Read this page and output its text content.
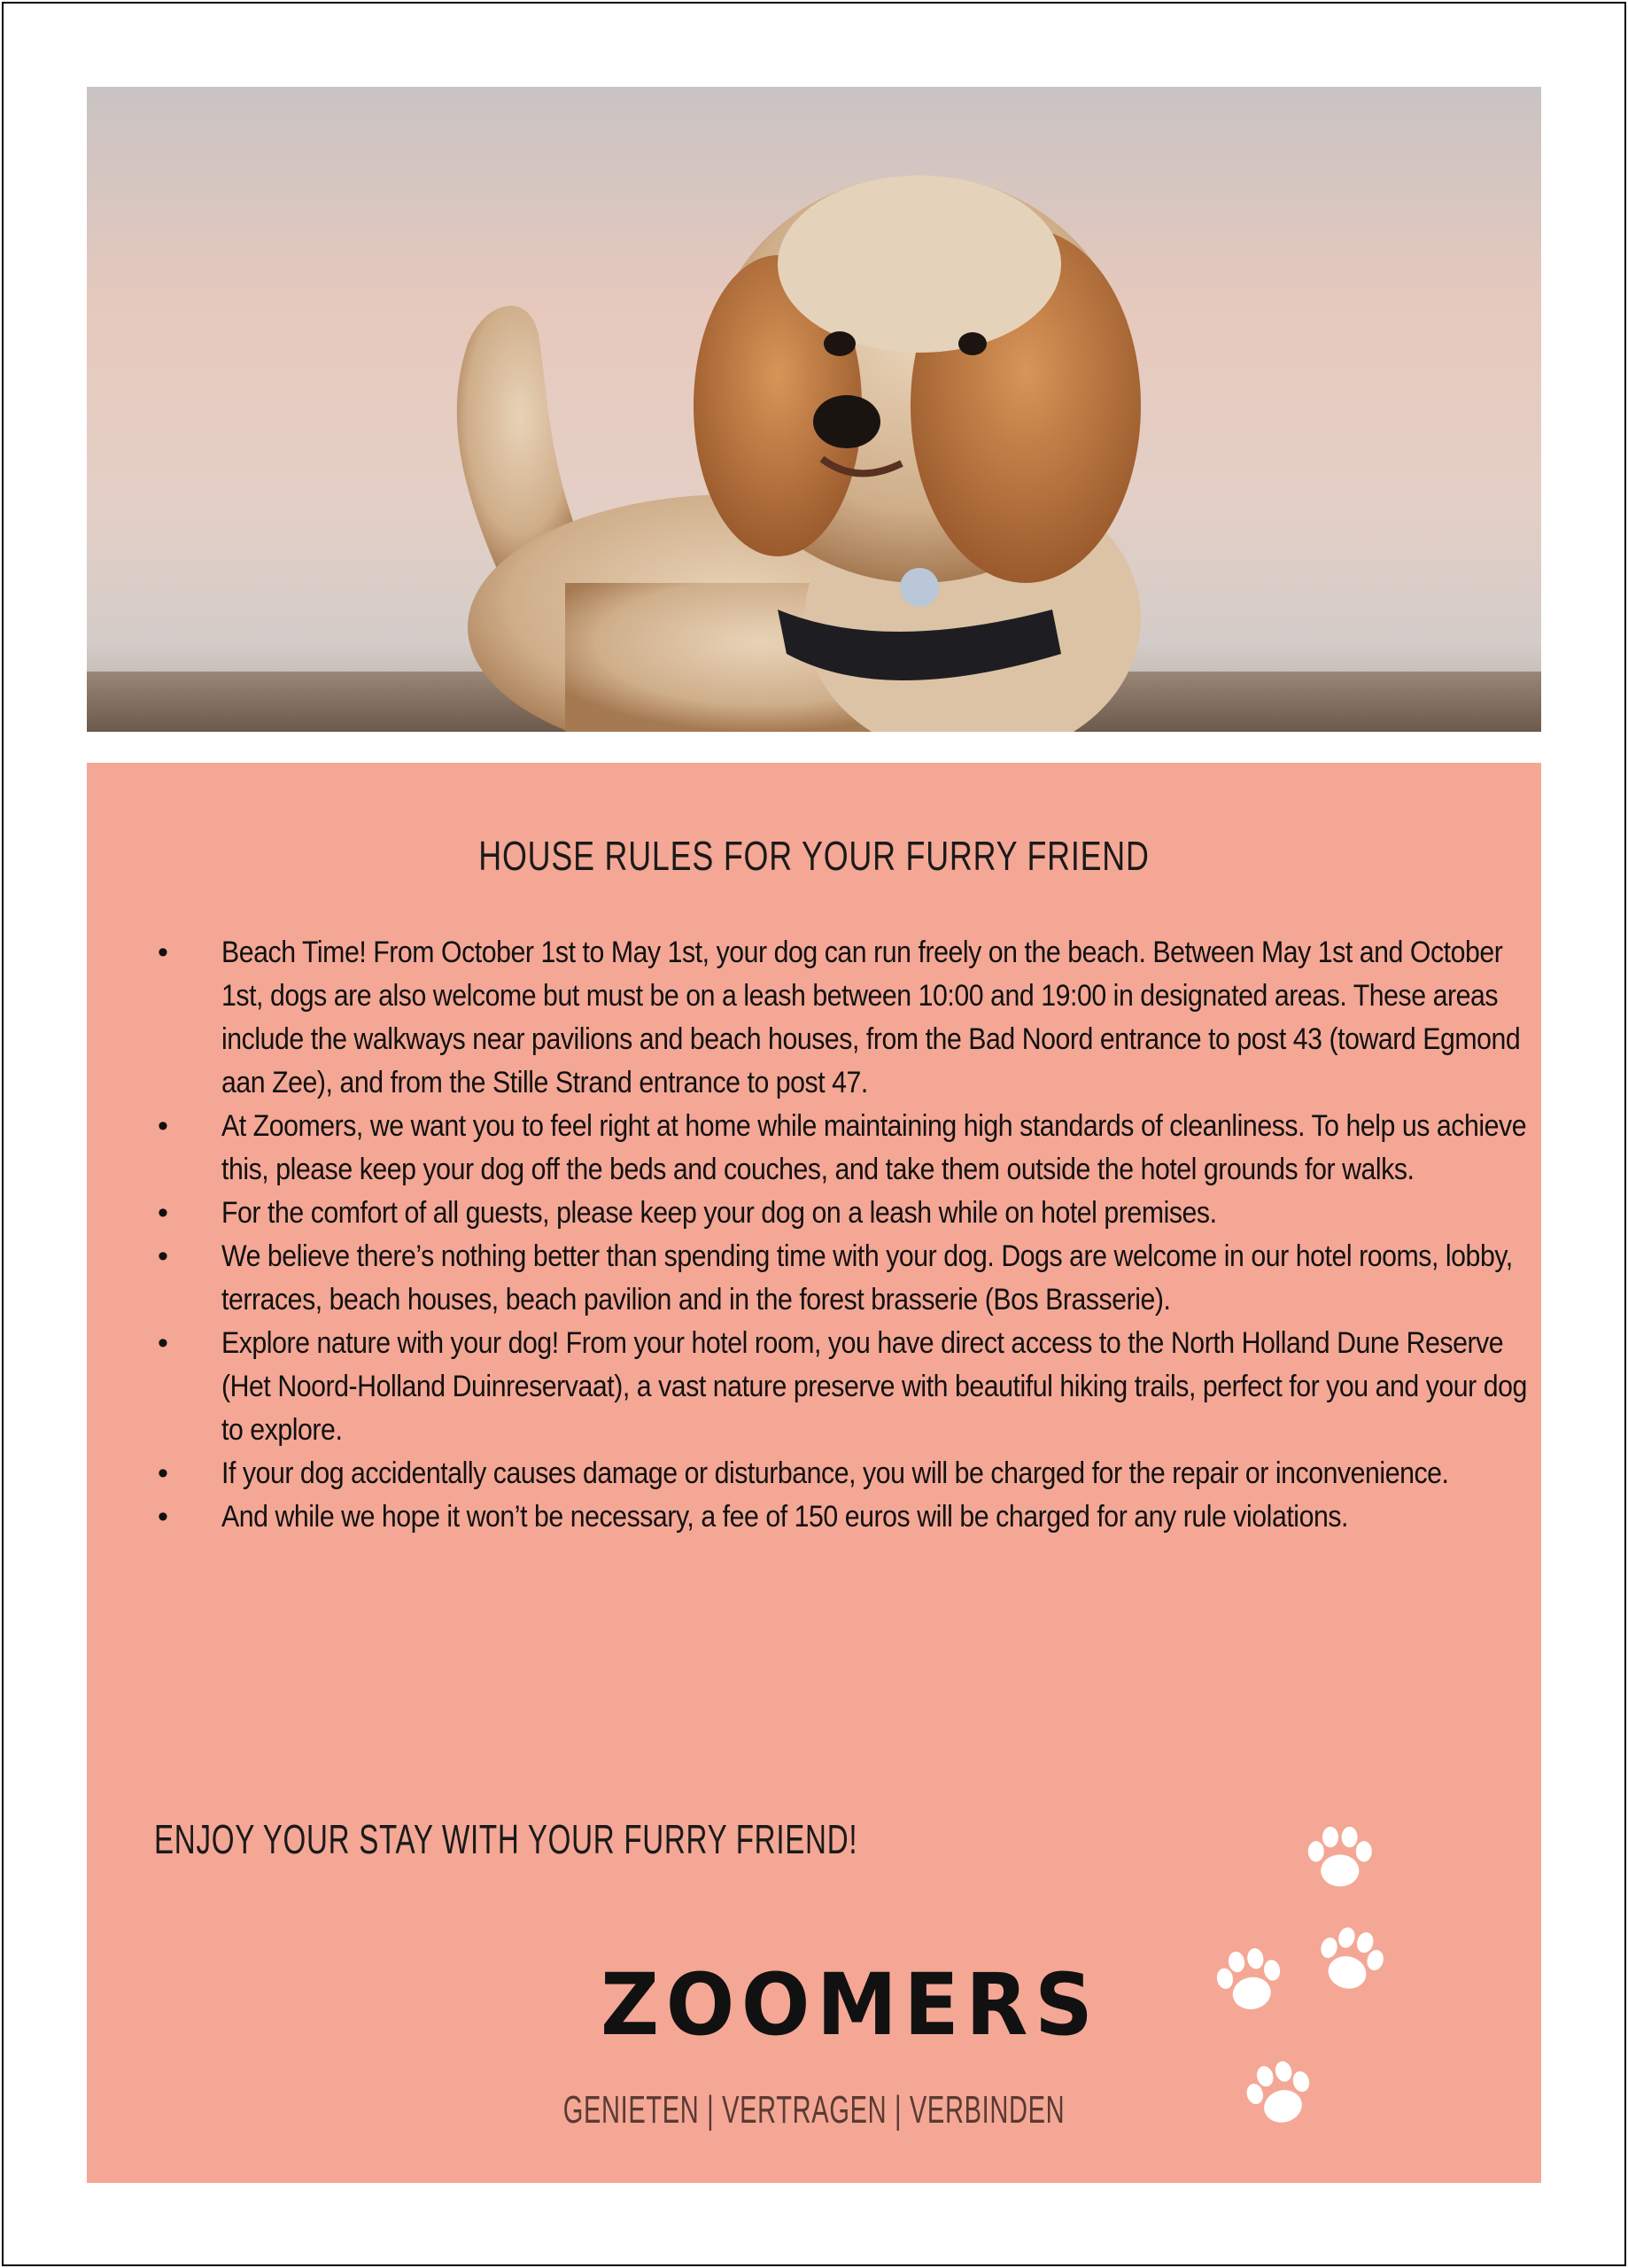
HOUSE RULES FOR YOUR FURRY FRIEND
• Beach Time! From October 1st to May 1st, your dog can run freely on the beach. Between May 1st and October 1st, dogs are also welcome but must be on a leash between 10:00 and 19:00 in designated areas. These areas include the walkways near pavilions and beach houses, from the Bad Noord entrance to post 43 (toward Egmond aan Zee), and from the Stille Strand entrance to post 47.
• At Zoomers, we want you to feel right at home while maintaining high standards of cleanliness. To help us achieve this, please keep your dog off the beds and couches, and take them outside the hotel grounds for walks.
• For the comfort of all guests, please keep your dog on a leash while on hotel premises.
• We believe there’s nothing better than spending time with your dog. Dogs are welcome in our hotel rooms, lobby, terraces, beach houses, beach pavilion and in the forest brasserie (Bos Brasserie).
• Explore nature with your dog! From your hotel room, you have direct access to the North Holland Dune Reserve (Het Noord-Holland Duinreservaat), a vast nature preserve with beautiful hiking trails, perfect for you and your dog to explore.
• If your dog accidentally causes damage or disturbance, you will be charged for the repair or inconvenience.
• And while we hope it won’t be necessary, a fee of 150 euros will be charged for any rule violations.
ENJOY YOUR STAY WITH YOUR FURRY FRIEND!
ZOOMERS
GENIETEN | VERTRAGEN | VERBINDEN
